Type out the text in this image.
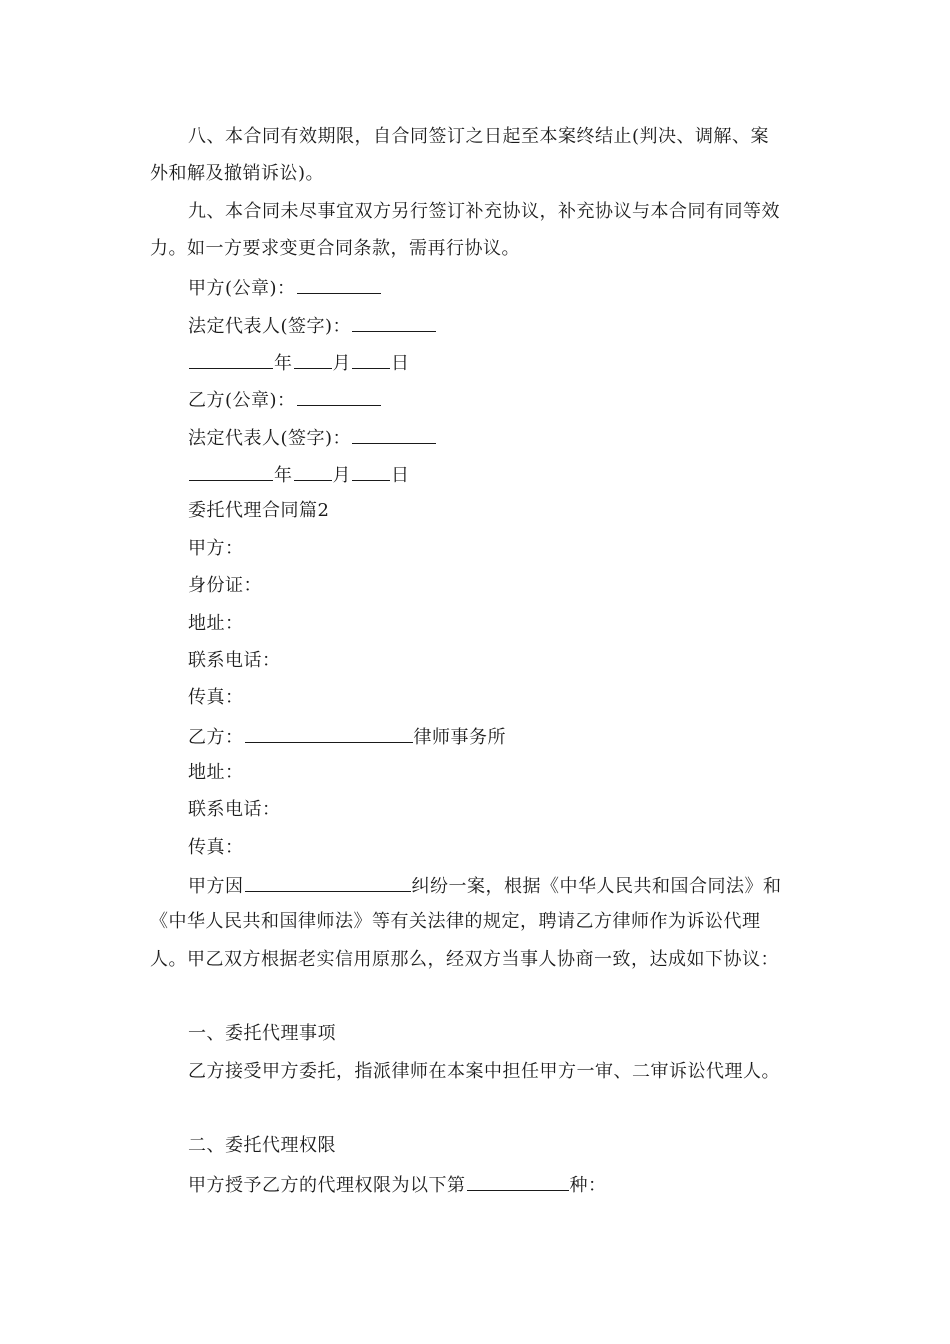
八、本合同有效期限，自合同签订之日起至本案终结止(判决、调解、案
外和解及撤销诉讼)。
九、本合同未尽事宜双方另行签订补充协议，补充协议与本合同有同等效
力。如一方要求变更合同条款，需再行协议。
甲方(公章)：
法定代表人(签字)：
年 月 日
乙方(公章)：
法定代表人(签字)：
年 月 日
委托代理合同篇2
甲方：
身份证：
地址：
联系电话：
传真：
乙方：	律师事务所
地址：
联系电话：
传真：
甲方因	纠纷一案，根据《中华人民共和国合同法》和
《中华人民共和国律师法》等有关法律的规定，聘请乙方律师作为诉讼代理
人。甲乙双方根据老实信用原那么，经双方当事人协商一致，达成如下协议：
一、委托代理事项
乙方接受甲方委托，指派律师在本案中担任甲方一审、二审诉讼代理人。
二、委托代理权限
甲方授予乙方的代理权限为以下第	种：
